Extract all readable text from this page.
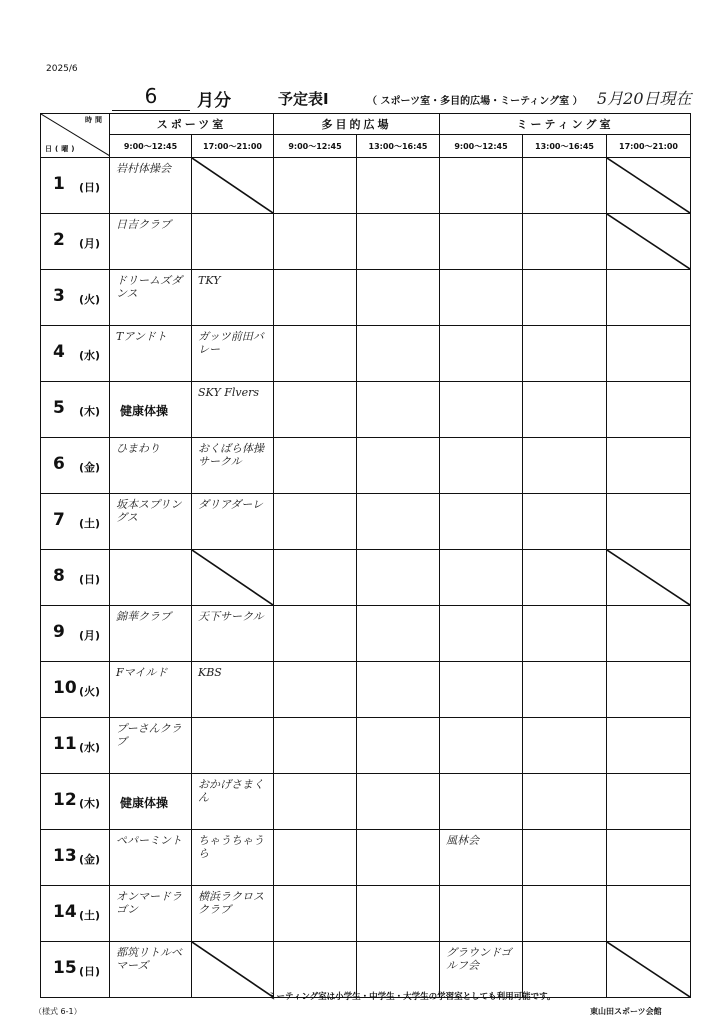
2025/6
6	月分	予定表Ⅰ	（ スポーツ室・多目的広場・ミーティング室 ） 5月20日現在
時間
日(曜)	スポーツ室		多目的広場		ミーティング室		
	9:00～12:45	17:00～21:00	9:00～12:45	13:00～16:45	9:00～12:45	13:00～16:45	17:00～21:00

1 (日)	岩村体操会

2 (月)	日吉クラブ

3 (火)	ドリームズダンス	TKY					

4 (水)	Tアンドト	ガッツ前田バレー					

5 (木)	健康体操	SKY Flvers					

6 (金)	ひまわり	おくばら体操サークル					

7 (土)	坂本スプリングス	ダリアダーレ					

8 (日)

9 (月)	錦華クラブ	天下サークル					

10 (火)	Fマイルド	KBS					

11 (水)	プーさんクラブ						

12 (木)	健康体操	おかげさまくん					

13 (金)	ペパーミント	ちゃうちゃうら			風林会		

14 (土)	オンマードラゴン	横浜ラクロスクラブ					

15 (日)	都筑リトルベマーズ				グラウンドゴルフ会

ミーティング室は小学生・中学生・大学生の学習室としても利用可能です。
（様式 6-1）	東山田スポーツ会館
